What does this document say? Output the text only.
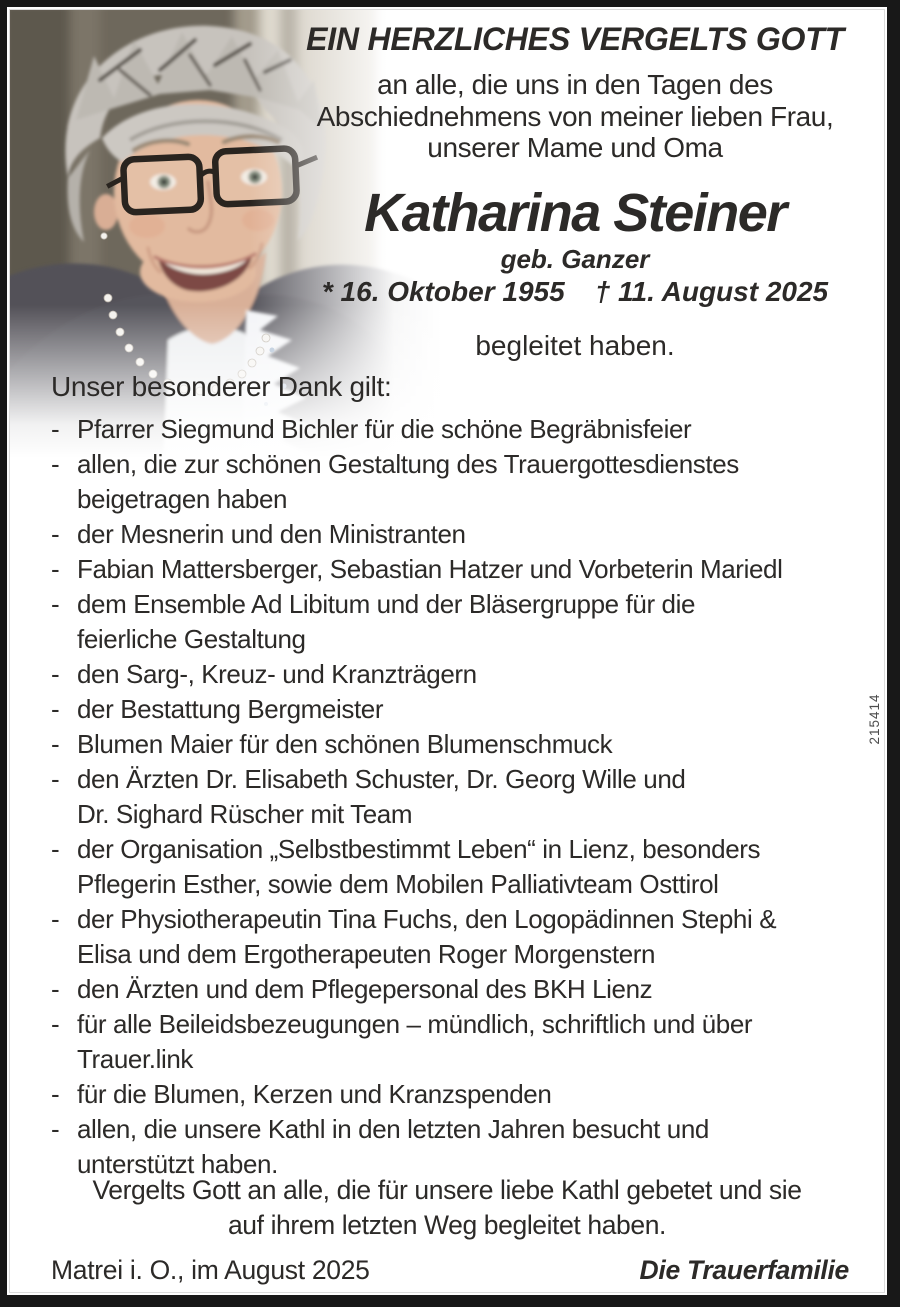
EIN HERZLICHES VERGELTS GOTT
an alle, die uns in den Tagen des
Abschiednehmens von meiner lieben Frau,
unserer Mame und Oma
Katharina Steiner
geb. Ganzer
* 16. Oktober 1955 † 11. August 2025
begleitet haben.
Unser besonderer Dank gilt:
- Pfarrer Siegmund Bichler für die schöne Begräbnisfeier
- allen, die zur schönen Gestaltung des Trauergottesdienstes
beigetragen haben
- der Mesnerin und den Ministranten
- Fabian Mattersberger, Sebastian Hatzer und Vorbeterin Mariedl
- dem Ensemble Ad Libitum und der Bläsergruppe für die
feierliche Gestaltung
- den Sarg-, Kreuz- und Kranzträgern
- der Bestattung Bergmeister
- Blumen Maier für den schönen Blumenschmuck
- den Ärzten Dr. Elisabeth Schuster, Dr. Georg Wille und
Dr. Sighard Rüscher mit Team
- der Organisation „Selbstbestimmt Leben“ in Lienz, besonders
Pflegerin Esther, sowie dem Mobilen Palliativteam Osttirol
- der Physiotherapeutin Tina Fuchs, den Logopädinnen Stephi &
Elisa und dem Ergotherapeuten Roger Morgenstern
- den Ärzten und dem Pflegepersonal des BKH Lienz
- für alle Beileidsbezeugungen – mündlich, schriftlich und über
Trauer.link
- für die Blumen, Kerzen und Kranzspenden
- allen, die unsere Kathl in den letzten Jahren besucht und
unterstützt haben.
Vergelts Gott an alle, die für unsere liebe Kathl gebetet und sie
auf ihrem letzten Weg begleitet haben.
Matrei i. O., im August 2025	Die Trauerfamilie
215414
